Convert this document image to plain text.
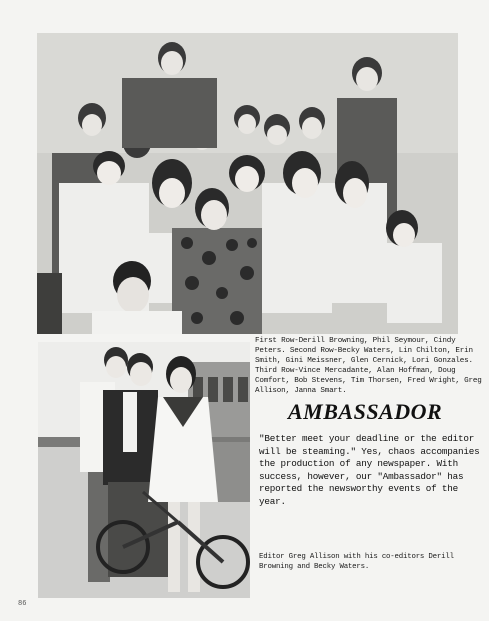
First Row-Derill Browning, Phil Seymour, Cindy Peters. Second Row-Becky Waters, Lin Chilton, Erin Smith, Gini Meissner, Glen Cernick, Lori Gonzales. Third Row-Vince Mercadante, Alan Hoffman, Doug Comfort, Bob Stevens, Tim Thorsen, Fred Wright, Greg Allison, Janna Smart.
AMBASSADOR
"Better meet your deadline or the editor will be steaming." Yes, chaos accompanies the production of any newspaper. With success, however, our "Ambassador" has reported the newsworthy events of the year.
Editor Greg Allison with his co-editors Derill Browning and Becky Waters.
86
